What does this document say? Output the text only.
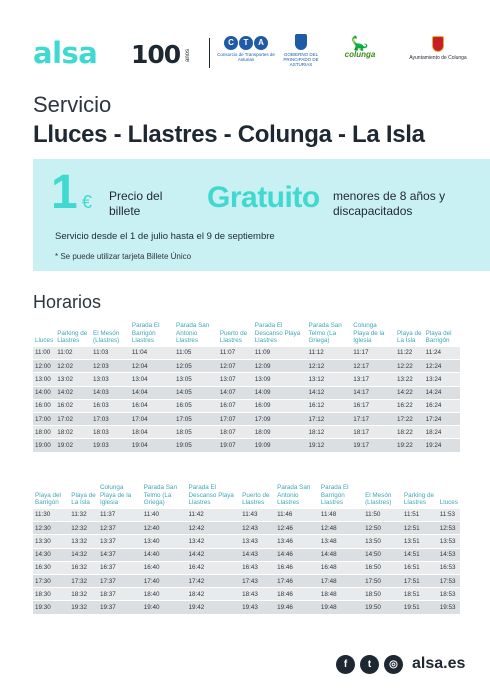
alsa 100 años
C	T	A
Consorcio de Transportes de Asturias
GOBIERNO DEL PRINCIPADO DE ASTURIAS
🦕
colunga	Ayuntamiento de Colunga
Servicio
Lluces - Llastres - Colunga - La Isla
1 € Precio del billete	Gratuito menores de 8 años y discapacitados
Servicio desde el 1 de julio hasta el 9 de septiembre
* Se puede utilizar tarjeta Billete Único
Horarios
Lluces	Parking de Llastres	El Mesón (Llastres)	Parada El Barrigón Llastres	Parada San Antonio Llastres	Puerto de Llastres	Parada El Descanso Playa Llastres	Parada San Telmo (La Griega)	Colunga Playa de la Iglesia	Playa de La Isla	Playa del Barrigón
11:00	11:02	11:03	11:04	11:05	11:07	11:09	11:12	11:17	11:22	11:24
12:00	12:02	12:03	12:04	12:05	12:07	12:09	12:12	12:17	12:22	12:24
13:00	13:02	13:03	13:04	13:05	13:07	13:09	13:12	13:17	13:22	13:24
14:00	14:02	14:03	14:04	14:05	14:07	14:09	14:12	14:17	14:22	14:24
16:00	16:02	16:03	16:04	16:05	16:07	16:09	16:12	16:17	16:22	16:24
17:00	17:02	17:03	17:04	17:05	17:07	17:09	17:12	17:17	17:22	17:24
18:00	18:02	18:03	18:04	18:05	18:07	18:09	18:12	18:17	18:22	18:24
19:00	19:02	19:03	19:04	19:05	19:07	19:09	19:12	19:17	19:22	19:24
Playa del Barrigón	Playa de La Isla	Colunga Playa de la Iglesia	Parada San Telmo (La Griega)	Parada El Descanso Playa Llastres	Puerto de Llastres	Parada San Antonio Llastres	Parada El Barrigón Llastres	El Mesón (Llastres)	Parking de Llastres	Lluces
11:30	11:32	11:37	11:40	11:42	11:43	11:46	11:48	11:50	11:51	11:53
12:30	12:32	12:37	12:40	12:42	12:43	12:46	12:48	12:50	12:51	12:53
13:30	13:32	13:37	13:40	13:42	13:43	13:46	13:48	13:50	13:51	13:53
14:30	14:32	14:37	14:40	14:42	14:43	14:46	14:48	14:50	14:51	14:53
16:30	16:32	16:37	16:40	16:42	16:43	16:46	16:48	16:50	16:51	16:53
17:30	17:32	17:37	17:40	17:42	17:43	17:46	17:48	17:50	17:51	17:53
18:30	18:32	18:37	18:40	18:42	18:43	18:46	18:48	18:50	18:51	18:53
19:30	19:32	19:37	19:40	19:42	19:43	19:46	19:48	19:50	19:51	19:53
f	t	◎ alsa.es
